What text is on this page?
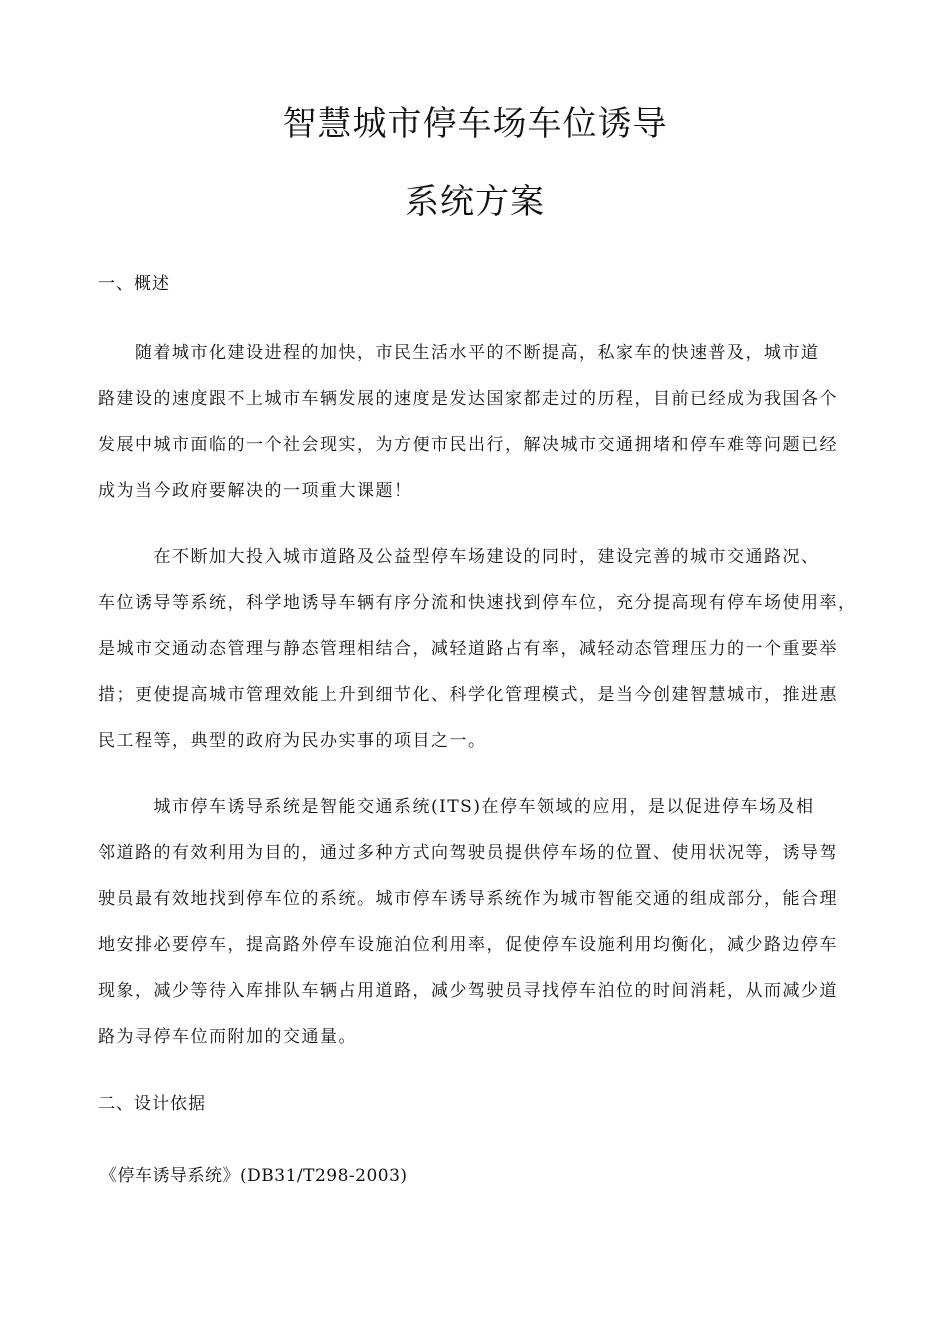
智慧城市停车场车位诱导
系统方案
一、概述
　　随着城市化建设进程的加快，市民生活水平的不断提高，私家车的快速普及，城市道
路建设的速度跟不上城市车辆发展的速度是发达国家都走过的历程，目前已经成为我国各个
发展中城市面临的一个社会现实，为方便市民出行，解决城市交通拥堵和停车难等问题已经
成为当今政府要解决的一项重大课题！
　　　在不断加大投入城市道路及公益型停车场建设的同时，建设完善的城市交通路况、
车位诱导等系统，科学地诱导车辆有序分流和快速找到停车位，充分提高现有停车场使用率，
是城市交通动态管理与静态管理相结合，减轻道路占有率，减轻动态管理压力的一个重要举
措；更使提高城市管理效能上升到细节化、科学化管理模式，是当今创建智慧城市，推进惠
民工程等，典型的政府为民办实事的项目之一。
　　　城市停车诱导系统是智能交通系统(ITS)在停车领域的应用，是以促进停车场及相
邻道路的有效利用为目的，通过多种方式向驾驶员提供停车场的位置、使用状况等，诱导驾
驶员最有效地找到停车位的系统。城市停车诱导系统作为城市智能交通的组成部分，能合理
地安排必要停车，提高路外停车设施泊位利用率，促使停车设施利用均衡化，减少路边停车
现象，减少等待入库排队车辆占用道路，减少驾驶员寻找停车泊位的时间消耗，从而减少道
路为寻停车位而附加的交通量。
二、设计依据
《停车诱导系统》(DB31/T298-2003)
